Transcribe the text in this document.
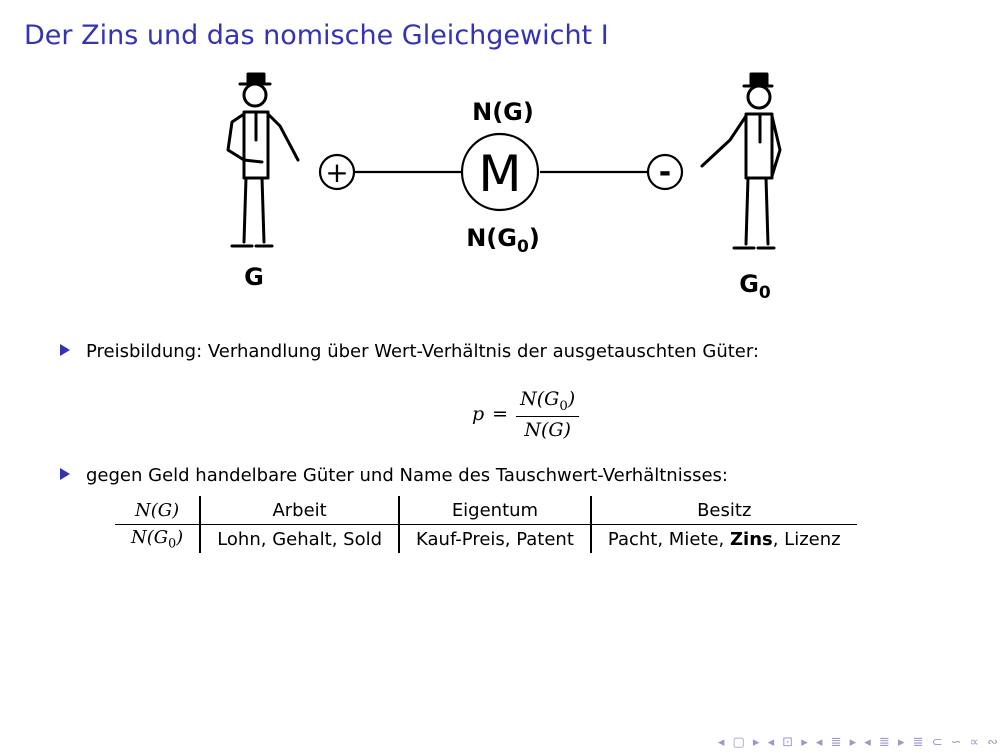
Der Zins und das nomische Gleichgewicht I
+	-
M
N(G)
$N(G_0)$
G	$G_0$
Preisbildung: Verhandlung über Wert-Verhältnis der ausgetauschten Güter:
$p = \frac{N(G_0)}{N(G)}$
gegen Geld handelbare Güter und Name des Tauschwert-Verhältnisses:
N(G)	Arbeit	Eigentum	Besitz
$N(G_0)$	Lohn, Gehalt, Sold	Kauf-Preis, Patent	Pacht, Miete, Zins, Lizenz
◂ ▢ ▸ ◂ ⊡ ▸ ◂ ≣ ▸ ◂ ≣ ▸ ≣ ⊂ ∽ ∝ ∾
